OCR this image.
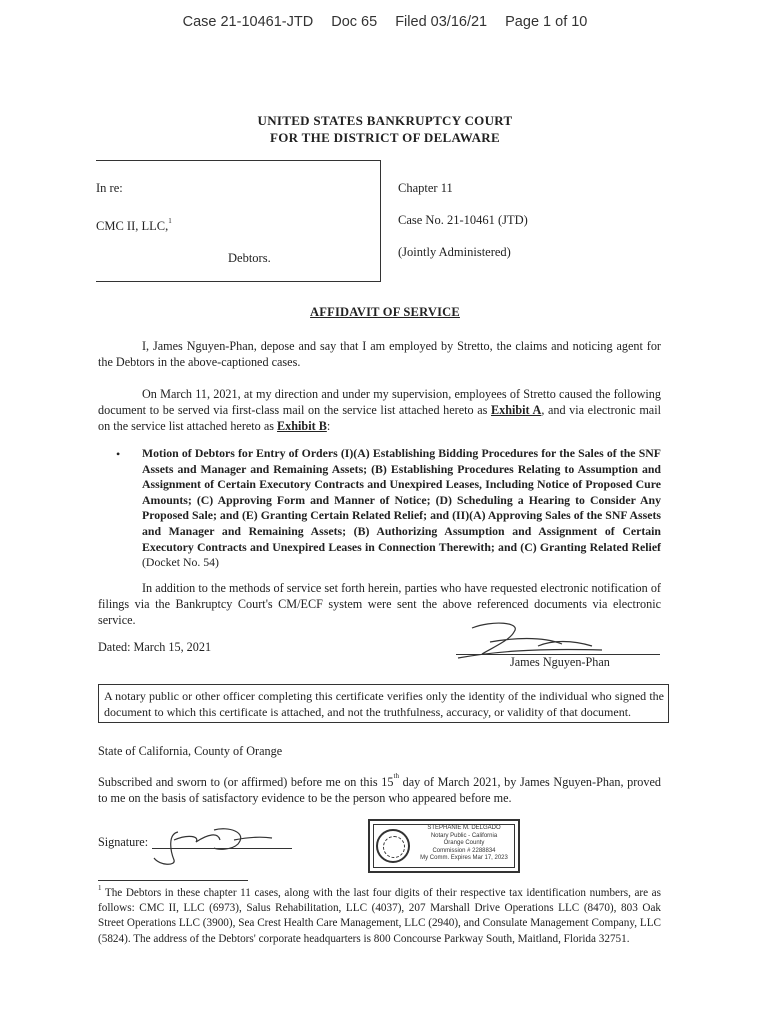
Case 21-10461-JTD Doc 65 Filed 03/16/21 Page 1 of 10
UNITED STATES BANKRUPTCY COURT
FOR THE DISTRICT OF DELAWARE
In re:
CMC II, LLC,$^1$
Debtors.
Chapter 11
Case No. 21-10461 (JTD)
(Jointly Administered)
AFFIDAVIT OF SERVICE
I, James Nguyen-Phan, depose and say that I am employed by Stretto, the claims and noticing agent for the Debtors in the above-captioned cases.
On March 11, 2021, at my direction and under my supervision, employees of Stretto caused the following document to be served via first-class mail on the service list attached hereto as Exhibit A, and via electronic mail on the service list attached hereto as Exhibit B:
• Motion of Debtors for Entry of Orders (I)(A) Establishing Bidding Procedures for the Sales of the SNF Assets and Manager and Remaining Assets; (B) Establishing Procedures Relating to Assumption and Assignment of Certain Executory Contracts and Unexpired Leases, Including Notice of Proposed Cure Amounts; (C) Approving Form and Manner of Notice; (D) Scheduling a Hearing to Consider Any Proposed Sale; and (E) Granting Certain Related Relief; and (II)(A) Approving Sales of the SNF Assets and Manager and Remaining Assets; (B) Authorizing Assumption and Assignment of Certain Executory Contracts and Unexpired Leases in Connection Therewith; and (C) Granting Related Relief (Docket No. 54)
In addition to the methods of service set forth herein, parties who have requested electronic notification of filings via the Bankruptcy Court's CM/ECF system were sent the above referenced documents via electronic service.
Dated: March 15, 2021
James Nguyen-Phan
A notary public or other officer completing this certificate verifies only the identity of the individual who signed the document to which this certificate is attached, and not the truthfulness, accuracy, or validity of that document.
State of California, County of Orange
Subscribed and sworn to (or affirmed) before me on this 15th day of March 2021, by James Nguyen-Phan, proved to me on the basis of satisfactory evidence to be the person who appeared before me.
Signature:
STEPHANIE M. DELGADO
Notary Public - California
Orange County
Commission # 2288834
My Comm. Expires Mar 17, 2023
$^1$ The Debtors in these chapter 11 cases, along with the last four digits of their respective tax identification numbers, are as follows: CMC II, LLC (6973), Salus Rehabilitation, LLC (4037), 207 Marshall Drive Operations LLC (8470), 803 Oak Street Operations LLC (3900), Sea Crest Health Care Management, LLC (2940), and Consulate Management Company, LLC (5824). The address of the Debtors' corporate headquarters is 800 Concourse Parkway South, Maitland, Florida 32751.
